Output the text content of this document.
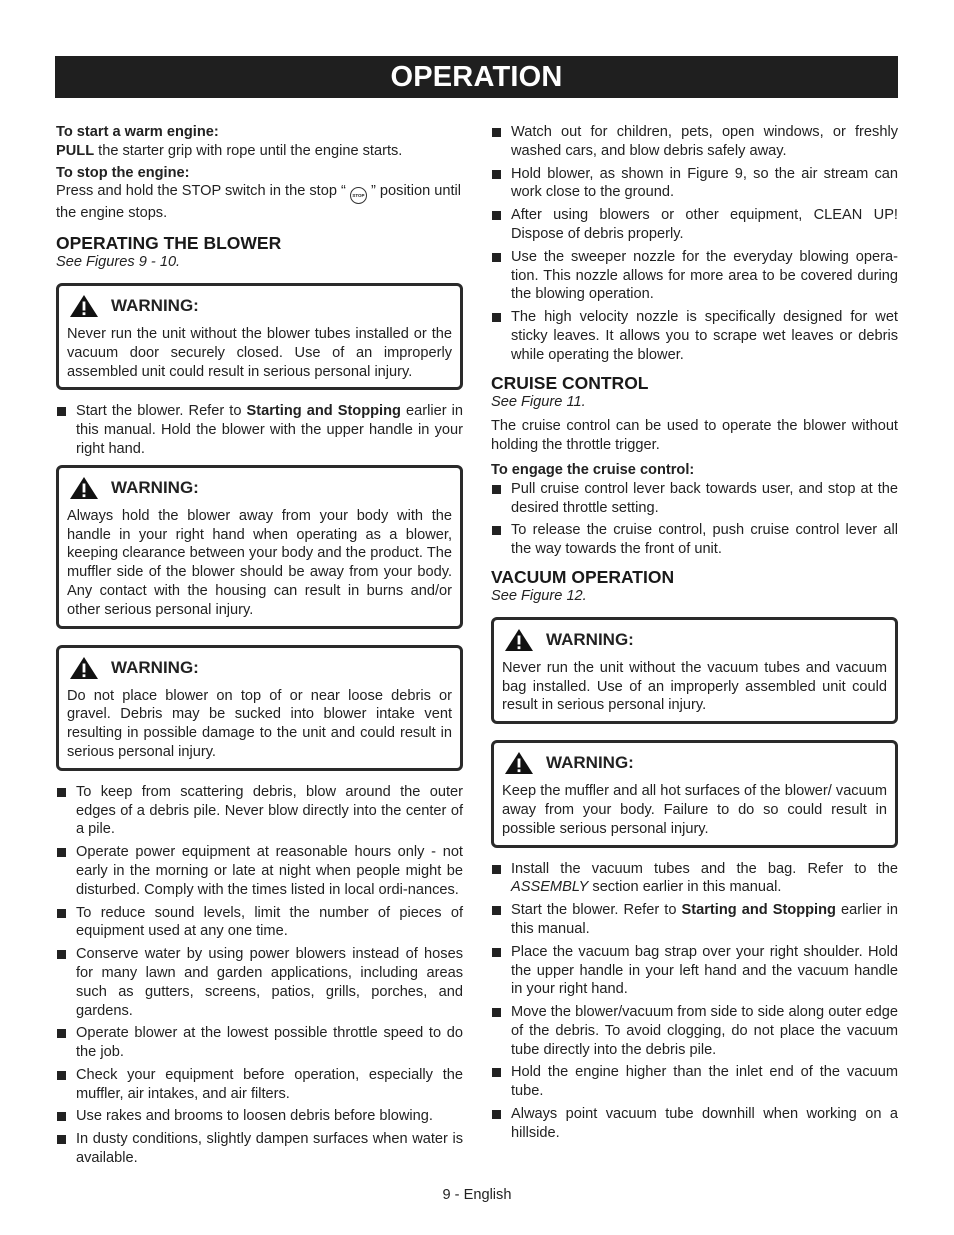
OPERATION

To start a warm engine:

PULL the starter grip with rope until the engine starts.

To stop the engine:

Press and hold the STOP switch in the stop “ STOP ” position until the engine stops.

OPERATING THE BLOWER

See Figures 9 - 10.

WARNING:

Never run the unit without the blower tubes installed or the vacuum door securely closed. Use of an improperly assembled unit could result in serious personal injury.

Start the blower. Refer to Starting and Stopping earlier in this manual. Hold the blower with the upper handle in your right hand.
WARNING:

Always hold the blower away from your body with the handle in your right hand when operating as a blower, keeping clearance between your body and the product. The muffler side of the blower should be away from your body. Any contact with the housing can result in burns and/or other serious personal injury.

WARNING:

Do not place blower on top of or near loose debris or gravel. Debris may be sucked into blower intake vent resulting in possible damage to the unit and could result in serious personal injury.

To keep from scattering debris, blow around the outer edges of a debris pile. Never blow directly into the center of a pile.
Operate power equipment at reasonable hours only - not early in the morning or late at night when people might be disturbed. Comply with the times listed in local ordi-nances.
To reduce sound levels, limit the number of pieces of equipment used at any one time.
Conserve water by using power blowers instead of hoses for many lawn and garden applications, including areas such as gutters, screens, patios, grills, porches, and gardens.
Operate blower at the lowest possible throttle speed to do the job.
Check your equipment before operation, especially the muffler, air intakes, and air filters.
Use rakes and brooms to loosen debris before blowing.
In dusty conditions, slightly dampen surfaces when water is available.
Watch out for children, pets, open windows, or freshly washed cars, and blow debris safely away.
Hold blower, as shown in Figure 9, so the air stream can work close to the ground.
After using blowers or other equipment, CLEAN UP! Dispose of debris properly.
Use the sweeper nozzle for the everyday blowing opera-tion. This nozzle allows for more area to be covered during the blowing operation.
The high velocity nozzle is specifically designed for wet sticky leaves. It allows you to scrape wet leaves or debris while operating the blower.

CRUISE CONTROL

See Figure 11.

The cruise control can be used to operate the blower without holding the throttle trigger.

To engage the cruise control:

Pull cruise control lever back towards user, and stop at the desired throttle setting.
To release the cruise control, push cruise control lever all the way towards the front of unit.

VACUUM OPERATION

See Figure 12.

WARNING:

Never run the unit without the vacuum tubes and vacuum bag installed. Use of an improperly assembled unit could result in serious personal injury.

WARNING:

Keep the muffler and all hot surfaces of the blower/ vacuum away from your body. Failure to do so could result in possible serious personal injury.

Install the vacuum tubes and the bag. Refer to the ASSEMBLY section earlier in this manual.
Start the blower. Refer to Starting and Stopping earlier in this manual.
Place the vacuum bag strap over your right shoulder. Hold the upper handle in your left hand and the vacuum handle in your right hand.
Move the blower/vacuum from side to side along outer edge of the debris. To avoid clogging, do not place the vacuum tube directly into the debris pile.
Hold the engine higher than the inlet end of the vacuum tube.
Always point vacuum tube downhill when working on a hillside.
9 - English
